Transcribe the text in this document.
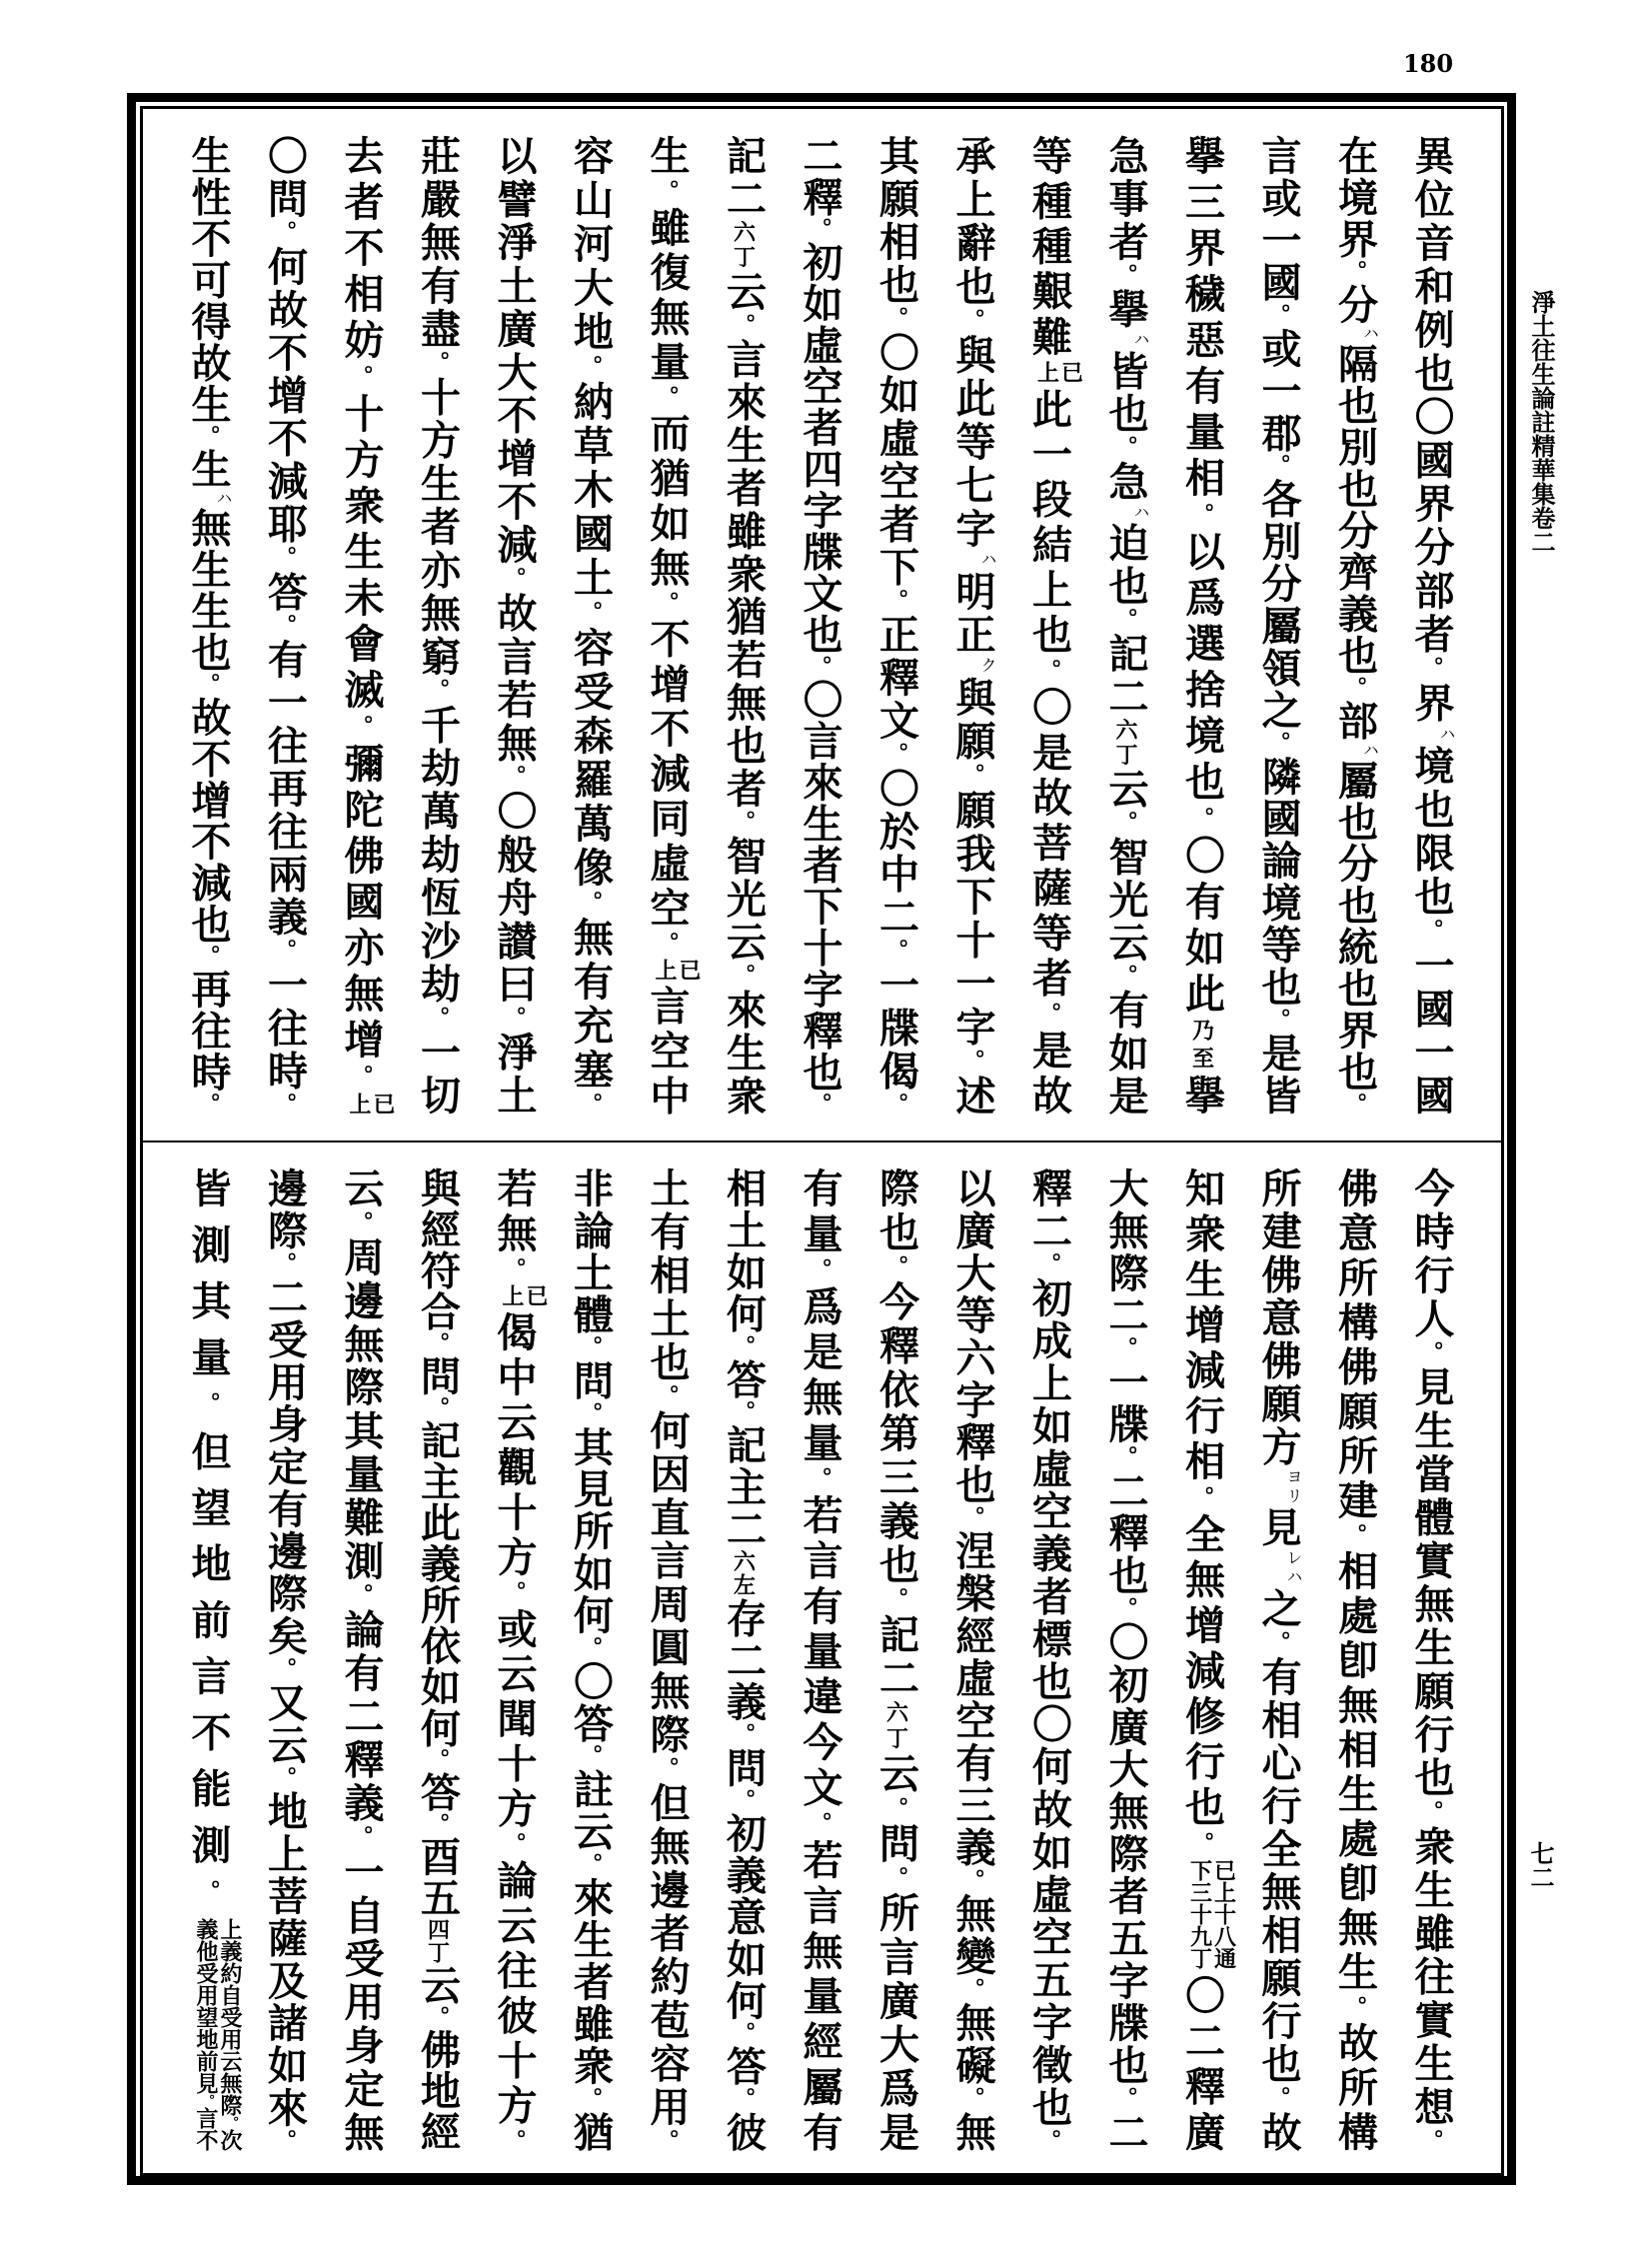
180
淨土往生論註精華集卷二
七二
異位音和例也〇國界分部者。界ハ境也限也。一國一國
在境界。分ハ隔也別也分齊義也。部ハ屬也分也統也界也。
言或一國。或一郡。各別分屬領之。隣國論境等也。是皆
擧三界穢惡有量相。以爲選捨境也。〇有如此乃至擧
急事者。擧ハ皆也。急ハ迫也。記二六丁云。智光云。有如是
等種種艱難
已
上
此一段結上也。〇是故菩薩等者。是故
承上辭也。與此等七字ハ明正ク與願。願我下十一字。述
其願相也。〇如虛空者下。正釋文。〇於中二。一牒偈。
二釋。初如虛空者四字牒文也。〇言來生者下十字釋也。
記二六丁云。言來生者雖衆猶若無也者。智光云。來生衆
生。雖復無量。而猶如無。不增不減同虛空。
已
上
言空中
容山河大地。納草木國土。容受森羅萬像。無有充塞。
以譬淨土廣大不增不減。故言若無。〇般舟讃曰。淨土
莊嚴無有盡。十方生者亦無窮。千劫萬劫恆沙劫。一切
去者不相妨。十方衆生未會滅。彌陀佛國亦無增。
已
上
〇問。何故不增不減耶。答。有一往再往兩義。一往時。
生性不可得故生。生ハ無生生也。故不增不減也。再往時。
今時行人。見生當體實無生願行也。衆生雖往實生想。
佛意所構佛願所建。相處卽無相生處卽無生。故所構
所建佛意佛願方ヨリ見レハ之。有相心行全無相願行也。故
知衆生增減行相。全無增減修行也。
已上十八通
下三十九丁
〇二釋廣
大無際二。一牒。二釋也。〇初廣大無際者五字牒也。二
釋二。初成上如虛空義者標也〇何故如虛空五字徵也。
以廣大等六字釋也。涅槃經虛空有三義。無變。無礙。無
際也。今釋依第三義也。記二六丁云。問。所言廣大爲是
有量。爲是無量。若言有量違今文。若言無量經屬有
相土如何。答。記主二六左存二義。問。初義意如何。答。彼
土有相土也。何因直言周圓無際。但無邊者約苞容用。
非論土體。問。其見所如何。〇答。註云。來生者雖衆。猶
若無。
已
上
偈中云觀十方。或云聞十方。論云往彼十方。
與經符合。問。記主此義所依如何。答。酉五四丁云。佛地經
云。周邊無際其量難測。論有二釋義。一自受用身定無
邊際。二受用身定有邊際矣。又云。地上菩薩及諸如來。
皆測其量。但望地前言不能測。
上義約自受用云無際。次
義他受用望地前見。言不
